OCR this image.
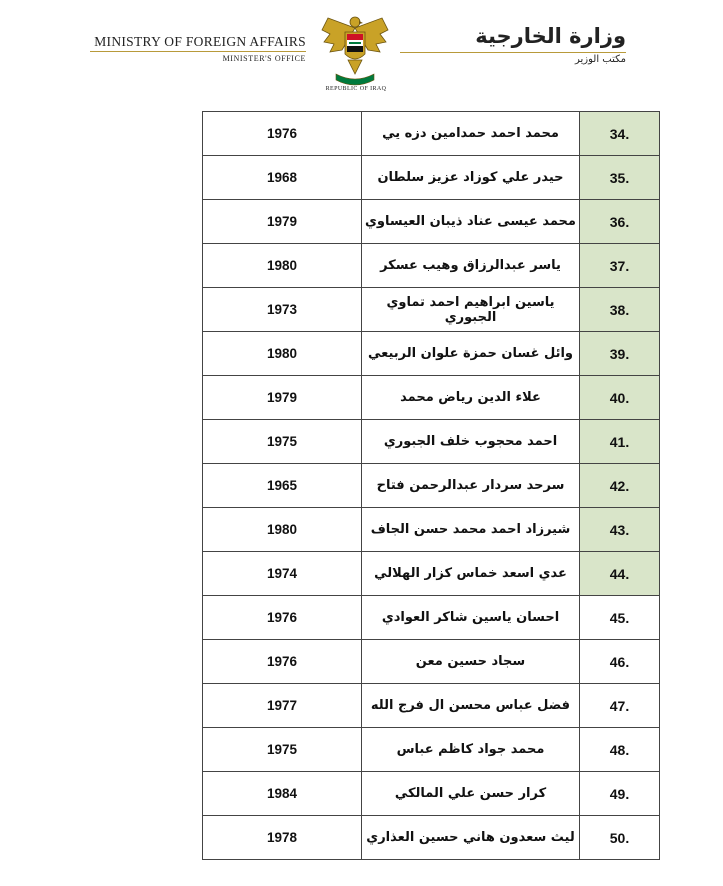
MINISTRY OF FOREIGN AFFAIRS
MINISTER'S OFFICE
REPUBLIC OF IRAQ
وزارة الخارجية
مكتب الوزير
1976	محمد احمد حمدامين دزه يي	34.
1968	حيدر علي كوزاد عزيز سلطان	35.
1979	محمد عيسى عناد ذيبان العيساوي	36.
1980	ياسر عبدالرزاق وهيب عسكر	37.
1973	ياسين ابراهيم احمد تماوي الجبوري	38.
1980	وائل غسان حمزة علوان الربيعي	39.
1979	علاء الدين رياض محمد	40.
1975	احمد محجوب خلف الجبوري	41.
1965	سرحد سردار عبدالرحمن فتاح	42.
1980	شيرزاد احمد محمد حسن الجاف	43.
1974	عدي اسعد خماس كزار الهلالي	44.
1976	احسان ياسين شاكر العوادي	45.
1976	سجاد حسين معن	46.
1977	فضل عباس محسن ال فرج الله	47.
1975	محمد جواد كاظم عباس	48.
1984	كرار حسن علي المالكي	49.
1978	ليث سعدون هاني حسين العذاري	50.
